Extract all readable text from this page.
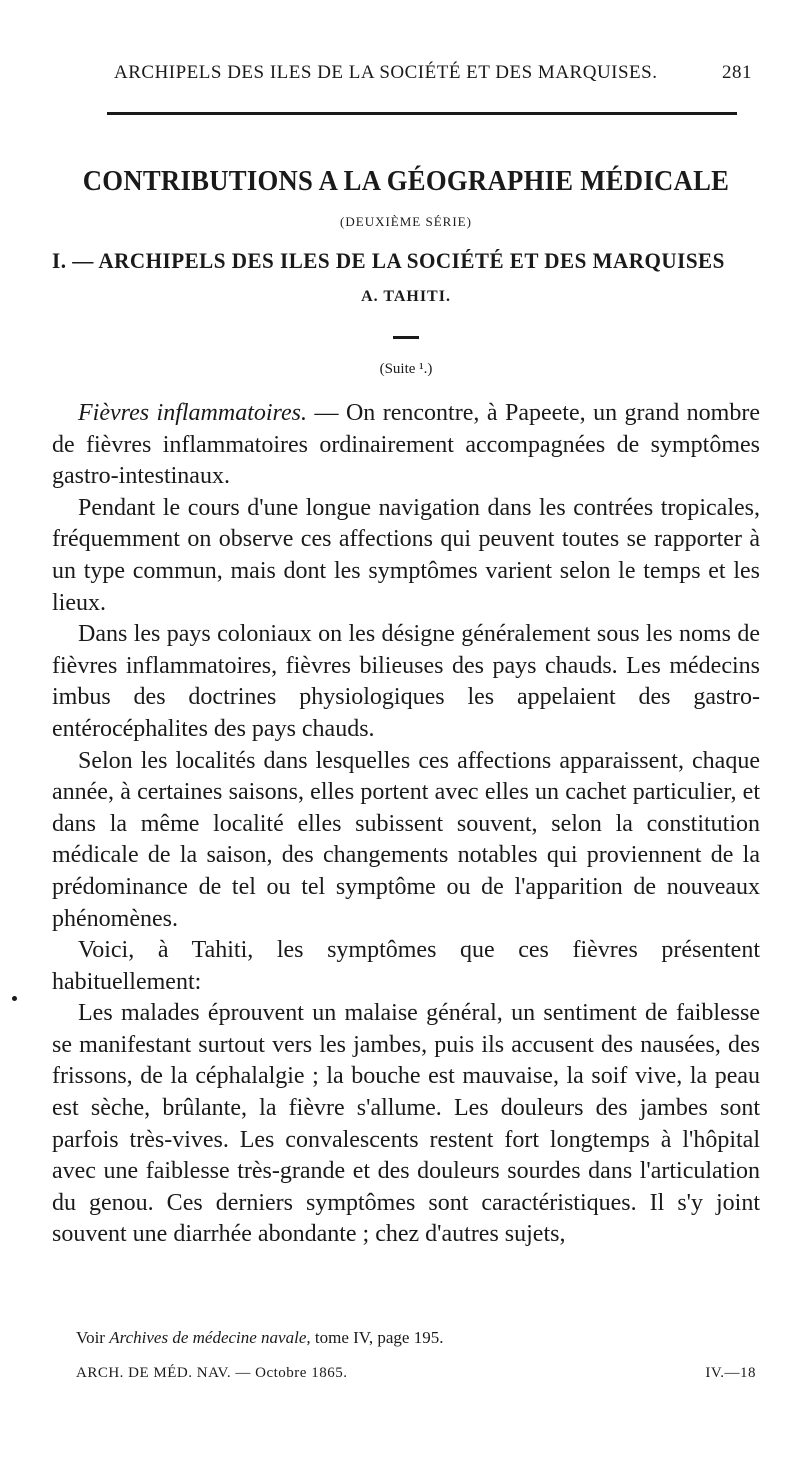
ARCHIPELS DES ILES DE LA SOCIÉTÉ ET DES MARQUISES.	281
CONTRIBUTIONS A LA GÉOGRAPHIE MÉDICALE
(DEUXIÈME SÉRIE)
I. — ARCHIPELS DES ILES DE LA SOCIÉTÉ ET DES MARQUISES
A. TAHITI.
(Suite ¹.)

Fièvres inflammatoires. — On rencontre, à Papeete, un grand nombre de fièvres inflammatoires ordinairement accompagnées de symptômes gastro-intestinaux.

Pendant le cours d'une longue navigation dans les contrées tropicales, fréquemment on observe ces affections qui peuvent toutes se rapporter à un type commun, mais dont les symptômes varient selon le temps et les lieux.

Dans les pays coloniaux on les désigne généralement sous les noms de fièvres inflammatoires, fièvres bilieuses des pays chauds. Les médecins imbus des doctrines physiologiques les appelaient des gastro-entérocéphalites des pays chauds.

Selon les localités dans lesquelles ces affections apparaissent, chaque année, à certaines saisons, elles portent avec elles un cachet particulier, et dans la même localité elles subissent souvent, selon la constitution médicale de la saison, des changements notables qui proviennent de la prédominance de tel ou tel symptôme ou de l'apparition de nouveaux phénomènes.

Voici, à Tahiti, les symptômes que ces fièvres présentent habituellement:

Les malades éprouvent un malaise général, un sentiment de faiblesse se manifestant surtout vers les jambes, puis ils accusent des nausées, des frissons, de la céphalalgie ; la bouche est mauvaise, la soif vive, la peau est sèche, brûlante, la fièvre s'allume. Les douleurs des jambes sont parfois très-vives. Les convalescents restent fort longtemps à l'hôpital avec une faiblesse très-grande et des douleurs sourdes dans l'articulation du genou. Ces derniers symptômes sont caractéristiques. Il s'y joint souvent une diarrhée abondante ; chez d'autres sujets,

Voir Archives de médecine navale, tome IV, page 195.
ARCH. DE MÉD. NAV. — Octobre 1865.	IV.—18
